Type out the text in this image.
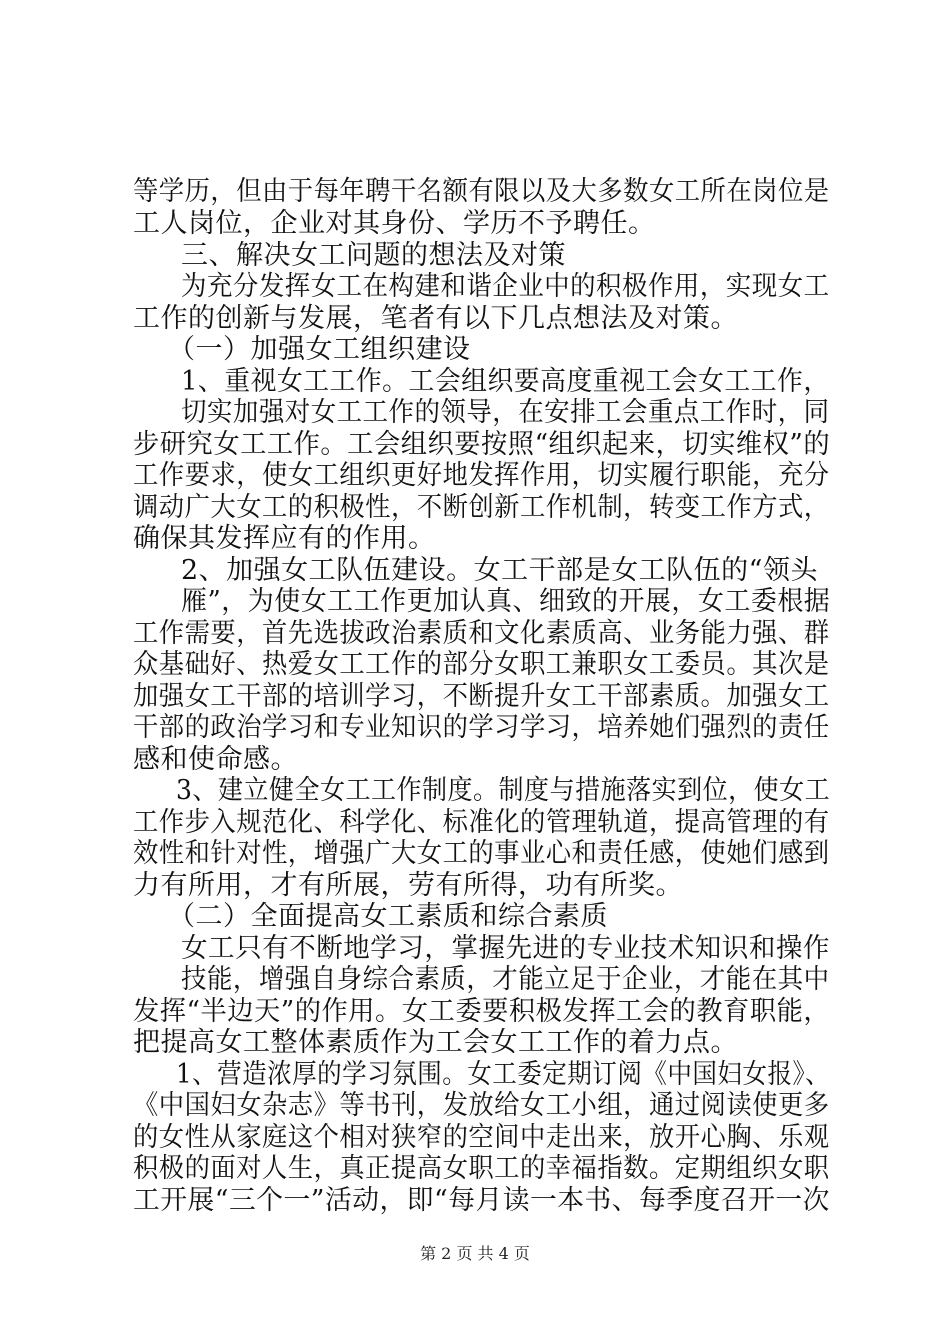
等学历，但由于每年聘干名额有限以及大多数女工所在岗位是
工人岗位，企业对其身份、学历不予聘任。
三、解决女工问题的想法及对策
为充分发挥女工在构建和谐企业中的积极作用，实现女工
工作的创新与发展，笔者有以下几点想法及对策。
（一）加强女工组织建设
1、重视女工工作。工会组织要高度重视工会女工工作，
切实加强对女工工作的领导，在安排工会重点工作时，同
步研究女工工作。工会组织要按照“组织起来，切实维权”的
工作要求，使女工组织更好地发挥作用，切实履行职能，充分
调动广大女工的积极性，不断创新工作机制，转变工作方式，
确保其发挥应有的作用。
2、加强女工队伍建设。女工干部是女工队伍的“领头
雁”，为使女工工作更加认真、细致的开展，女工委根据
工作需要，首先选拔政治素质和文化素质高、业务能力强、群
众基础好、热爱女工工作的部分女职工兼职女工委员。其次是
加强女工干部的培训学习，不断提升女工干部素质。加强女工
干部的政治学习和专业知识的学习学习，培养她们强烈的责任
感和使命感。
3、建立健全女工工作制度。制度与措施落实到位，使女工
工作步入规范化、科学化、标准化的管理轨道，提高管理的有
效性和针对性，增强广大女工的事业心和责任感，使她们感到
力有所用，才有所展，劳有所得，功有所奖。
（二）全面提高女工素质和综合素质
女工只有不断地学习，掌握先进的专业技术知识和操作
技能，增强自身综合素质，才能立足于企业，才能在其中
发挥“半边天”的作用。女工委要积极发挥工会的教育职能，
把提高女工整体素质作为工会女工工作的着力点。
1、营造浓厚的学习氛围。女工委定期订阅《中国妇女报》、
《中国妇女杂志》等书刊，发放给女工小组，通过阅读使更多
的女性从家庭这个相对狭窄的空间中走出来，放开心胸、乐观
积极的面对人生，真正提高女职工的幸福指数。定期组织女职
工开展“三个一”活动，即“每月读一本书、每季度召开一次
第 2 页 共 4 页
